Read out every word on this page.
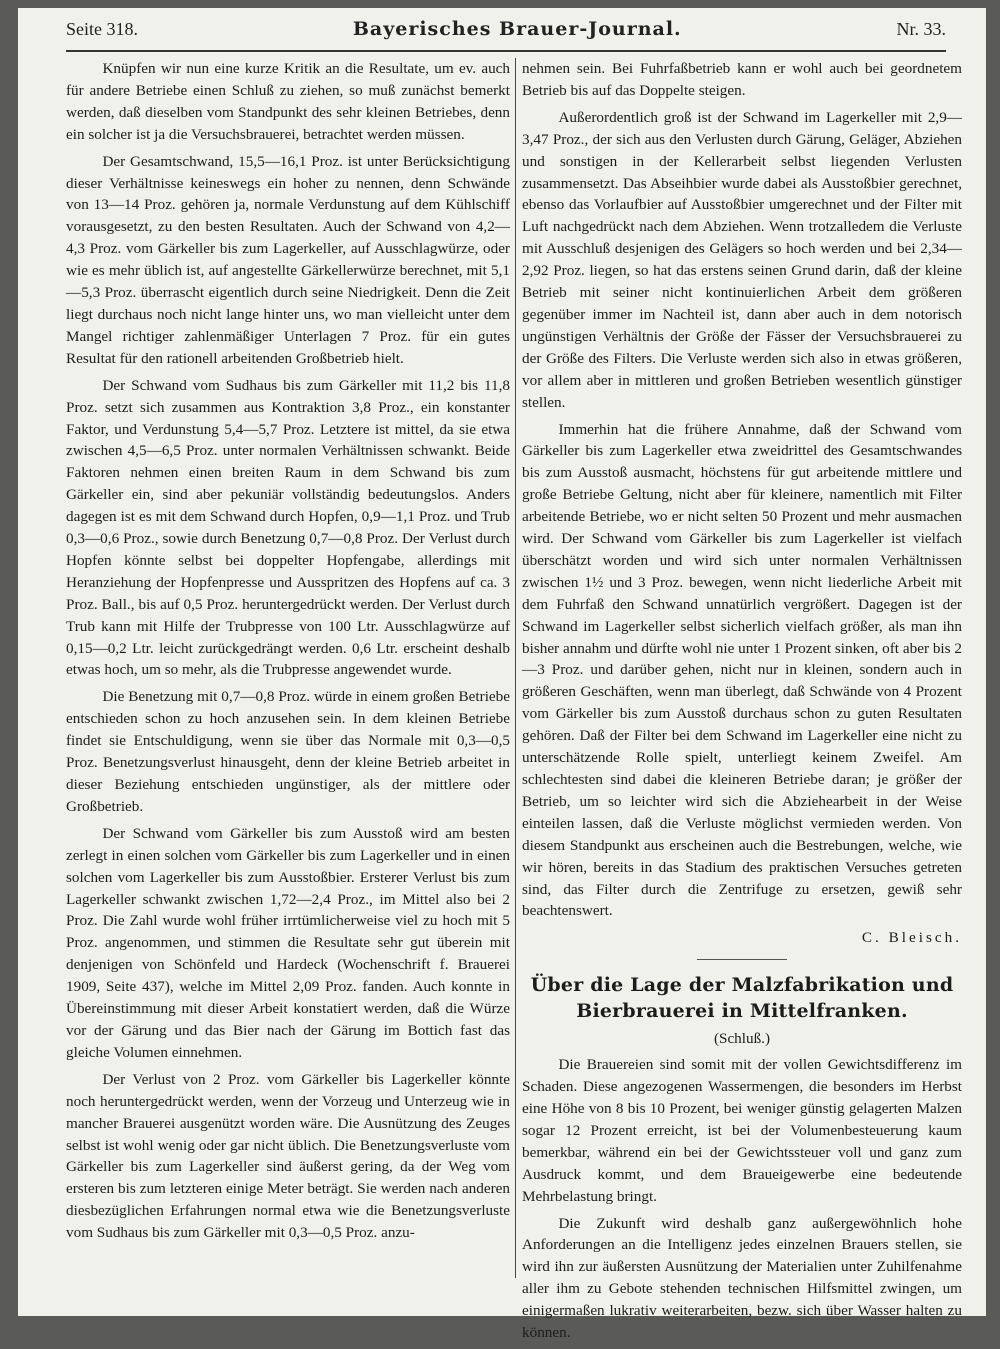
Seite 318.	Bayerisches Brauer-Journal.	Nr. 33.

Knüpfen wir nun eine kurze Kritik an die Resultate, um ev. auch für andere Betriebe einen Schluß zu ziehen, so muß zunächst bemerkt werden, daß dieselben vom Standpunkt des sehr kleinen Betriebes, denn ein solcher ist ja die Versuchsbrauerei, betrachtet werden müssen.

Der Gesamtschwand, 15,5—16,1 Proz. ist unter Berücksichtigung dieser Verhältnisse keineswegs ein hoher zu nennen, denn Schwände von 13—14 Proz. gehören ja, normale Verdunstung auf dem Kühlschiff vorausgesetzt, zu den besten Resultaten. Auch der Schwand von 4,2—4,3 Proz. vom Gärkeller bis zum Lagerkeller, auf Ausschlagwürze, oder wie es mehr üblich ist, auf angestellte Gärkellerwürze berechnet, mit 5,1—5,3 Proz. überrascht eigentlich durch seine Niedrigkeit. Denn die Zeit liegt durchaus noch nicht lange hinter uns, wo man vielleicht unter dem Mangel richtiger zahlenmäßiger Unterlagen 7 Proz. für ein gutes Resultat für den rationell arbeitenden Großbetrieb hielt.

Der Schwand vom Sudhaus bis zum Gärkeller mit 11,2 bis 11,8 Proz. setzt sich zusammen aus Kontraktion 3,8 Proz., ein konstanter Faktor, und Verdunstung 5,4—5,7 Proz. Letztere ist mittel, da sie etwa zwischen 4,5—6,5 Proz. unter normalen Verhältnissen schwankt. Beide Faktoren nehmen einen breiten Raum in dem Schwand bis zum Gärkeller ein, sind aber pekuniär vollständig bedeutungslos. Anders dagegen ist es mit dem Schwand durch Hopfen, 0,9—1,1 Proz. und Trub 0,3—0,6 Proz., sowie durch Benetzung 0,7—0,8 Proz. Der Verlust durch Hopfen könnte selbst bei doppelter Hopfengabe, allerdings mit Heranziehung der Hopfenpresse und Ausspritzen des Hopfens auf ca. 3 Proz. Ball., bis auf 0,5 Proz. heruntergedrückt werden. Der Verlust durch Trub kann mit Hilfe der Trubpresse von 100 Ltr. Ausschlagwürze auf 0,15—0,2 Ltr. leicht zurückgedrängt werden. 0,6 Ltr. erscheint deshalb etwas hoch, um so mehr, als die Trubpresse angewendet wurde.

Die Benetzung mit 0,7—0,8 Proz. würde in einem großen Betriebe entschieden schon zu hoch anzusehen sein. In dem kleinen Betriebe findet sie Entschuldigung, wenn sie über das Normale mit 0,3—0,5 Proz. Benetzungsverlust hinausgeht, denn der kleine Betrieb arbeitet in dieser Beziehung entschieden ungünstiger, als der mittlere oder Großbetrieb.

Der Schwand vom Gärkeller bis zum Ausstoß wird am besten zerlegt in einen solchen vom Gärkeller bis zum Lagerkeller und in einen solchen vom Lagerkeller bis zum Ausstoßbier. Ersterer Verlust bis zum Lagerkeller schwankt zwischen 1,72—2,4 Proz., im Mittel also bei 2 Proz. Die Zahl wurde wohl früher irrtümlicherweise viel zu hoch mit 5 Proz. angenommen, und stimmen die Resultate sehr gut überein mit denjenigen von Schönfeld und Hardeck (Wochenschrift f. Brauerei 1909, Seite 437), welche im Mittel 2,09 Proz. fanden. Auch konnte in Übereinstimmung mit dieser Arbeit konstatiert werden, daß die Würze vor der Gärung und das Bier nach der Gärung im Bottich fast das gleiche Volumen einnehmen.

Der Verlust von 2 Proz. vom Gärkeller bis Lagerkeller könnte noch heruntergedrückt werden, wenn der Vorzeug und Unterzeug wie in mancher Brauerei ausgenützt worden wäre. Die Ausnützung des Zeuges selbst ist wohl wenig oder gar nicht üblich. Die Benetzungsverluste vom Gärkeller bis zum Lagerkeller sind äußerst gering, da der Weg vom ersteren bis zum letzteren einige Meter beträgt. Sie werden nach anderen diesbezüglichen Erfahrungen normal etwa wie die Benetzungsverluste vom Sudhaus bis zum Gärkeller mit 0,3—0,5 Proz. anzu-

nehmen sein. Bei Fuhrfaßbetrieb kann er wohl auch bei geordnetem Betrieb bis auf das Doppelte steigen.

Außerordentlich groß ist der Schwand im Lagerkeller mit 2,9—3,47 Proz., der sich aus den Verlusten durch Gärung, Geläger, Abziehen und sonstigen in der Kellerarbeit selbst liegenden Verlusten zusammensetzt. Das Abseihbier wurde dabei als Ausstoßbier gerechnet, ebenso das Vorlaufbier auf Ausstoßbier umgerechnet und der Filter mit Luft nachgedrückt nach dem Abziehen. Wenn trotzalledem die Verluste mit Ausschluß desjenigen des Gelägers so hoch werden und bei 2,34—2,92 Proz. liegen, so hat das erstens seinen Grund darin, daß der kleine Betrieb mit seiner nicht kontinuierlichen Arbeit dem größeren gegenüber immer im Nachteil ist, dann aber auch in dem notorisch ungünstigen Verhältnis der Größe der Fässer der Versuchsbrauerei zu der Größe des Filters. Die Verluste werden sich also in etwas größeren, vor allem aber in mittleren und großen Betrieben wesentlich günstiger stellen.

Immerhin hat die frühere Annahme, daß der Schwand vom Gärkeller bis zum Lagerkeller etwa zweidrittel des Gesamtschwandes bis zum Ausstoß ausmacht, höchstens für gut arbeitende mittlere und große Betriebe Geltung, nicht aber für kleinere, namentlich mit Filter arbeitende Betriebe, wo er nicht selten 50 Prozent und mehr ausmachen wird. Der Schwand vom Gärkeller bis zum Lagerkeller ist vielfach überschätzt worden und wird sich unter normalen Verhältnissen zwischen 1½ und 3 Proz. bewegen, wenn nicht liederliche Arbeit mit dem Fuhrfaß den Schwand unnatürlich vergrößert. Dagegen ist der Schwand im Lagerkeller selbst sicherlich vielfach größer, als man ihn bisher annahm und dürfte wohl nie unter 1 Prozent sinken, oft aber bis 2—3 Proz. und darüber gehen, nicht nur in kleinen, sondern auch in größeren Geschäften, wenn man überlegt, daß Schwände von 4 Prozent vom Gärkeller bis zum Ausstoß durchaus schon zu guten Resultaten gehören. Daß der Filter bei dem Schwand im Lagerkeller eine nicht zu unterschätzende Rolle spielt, unterliegt keinem Zweifel. Am schlechtesten sind dabei die kleineren Betriebe daran; je größer der Betrieb, um so leichter wird sich die Abziehearbeit in der Weise einteilen lassen, daß die Verluste möglichst vermieden werden. Von diesem Standpunkt aus erscheinen auch die Bestrebungen, welche, wie wir hören, bereits in das Stadium des praktischen Versuches getreten sind, das Filter durch die Zentrifuge zu ersetzen, gewiß sehr beachtenswert.

C. Bleisch.
Über die Lage der Malzfabrikation und Bierbrauerei in Mittelfranken.
(Schluß.)

Die Brauereien sind somit mit der vollen Gewichtsdifferenz im Schaden. Diese angezogenen Wassermengen, die besonders im Herbst eine Höhe von 8 bis 10 Prozent, bei weniger günstig gelagerten Malzen sogar 12 Prozent erreicht, ist bei der Volumenbesteuerung kaum bemerkbar, während ein bei der Gewichtssteuer voll und ganz zum Ausdruck kommt, und dem Braueigewerbe eine bedeutende Mehrbelastung bringt.

Die Zukunft wird deshalb ganz außergewöhnlich hohe Anforderungen an die Intelligenz jedes einzelnen Brauers stellen, sie wird ihn zur äußersten Ausnützung der Materialien unter Zuhilfenahme aller ihm zu Gebote stehenden technischen Hilfsmittel zwingen, um einigermaßen lukrativ weiterarbeiten, bezw. sich über Wasser halten zu können.
